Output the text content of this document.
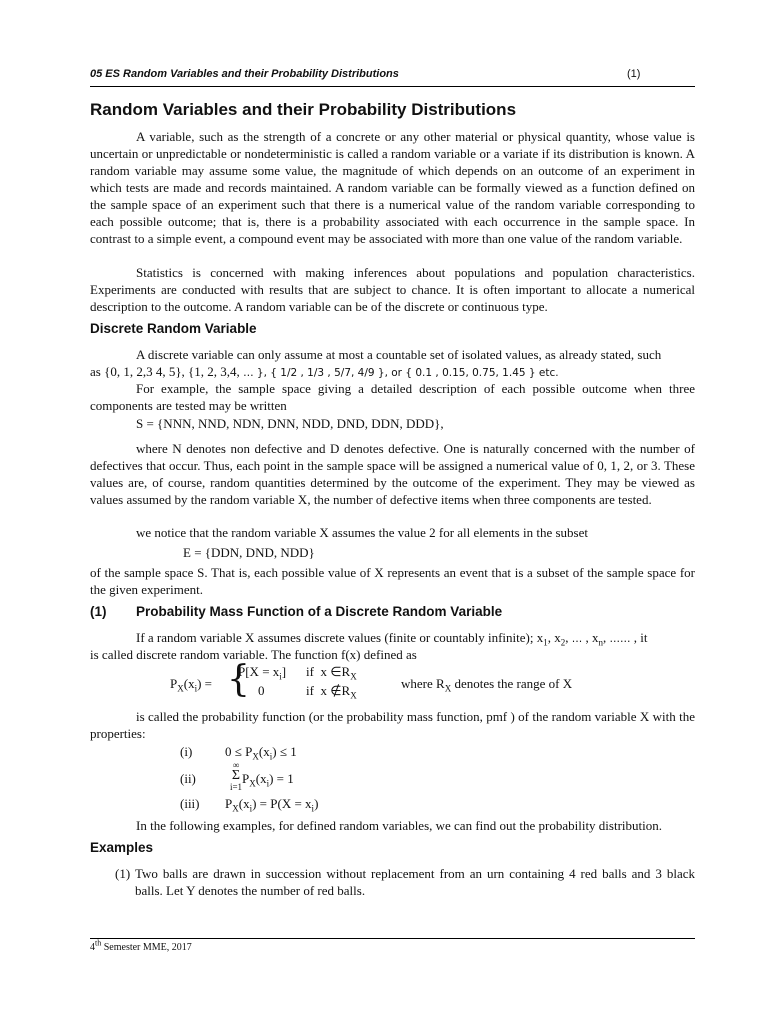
05 ES Random Variables and their Probability Distributions	(1)
Random Variables and their Probability Distributions

A variable, such as the strength of a concrete or any other material or physical quantity, whose value is uncertain or unpredictable or nondeterministic is called a random variable or a variate if its distribution is known. A random variable may assume some value, the magnitude of which depends on an outcome of an experiment in which tests are made and records maintained. A random variable can be formally viewed as a function defined on the sample space of an experiment such that there is a numerical value of the random variable corresponding to each possible outcome; that is, there is a probability associated with each occurrence in the sample space. In contrast to a simple event, a compound event may be associated with more than one value of the random variable.

Statistics is concerned with making inferences about populations and population characteristics. Experiments are conducted with results that are subject to chance. It is often important to allocate a numerical description to the outcome. A random variable can be of the discrete or continuous type.

Discrete Random Variable

A discrete variable can only assume at most a countable set of isolated values, as already stated, such

as {0, 1, 2,3 4, 5}, {1, 2, 3,4, … }, { 1/2 , 1/3 , 5/7, 4/9 }, or { 0.1 , 0.15, 0.75, 1.45 } etc.

For example, the sample space giving a detailed description of each possible outcome when three components are tested may be written

S = {NNN, NND, NDN, DNN, NDD, DND, DDN, DDD},

where N denotes non defective and D denotes defective. One is naturally concerned with the number of defectives that occur. Thus, each point in the sample space will be assigned a numerical value of 0, 1, 2, or 3. These values are, of course, random quantities determined by the outcome of the experiment. They may be viewed as values assumed by the random variable X, the number of defective items when three components are tested.

we notice that the random variable X assumes the value 2 for all elements in the subset

E = {DDN, DND, NDD}

of the sample space S. That is, each possible value of X represents an event that is a subset of the sample space for the given experiment.

(1) Probability Mass Function of a Discrete Random Variable

If a random variable X assumes discrete values (finite or countably infinite); $x_1$, $x_2$, … , $x_n$, …… , it

is called discrete random variable. The function f(x) defined as

$P_X(x_i)$ = {
$P[X = x_i]$ if  x $\in R_X$
0	if  x $\notin R_X$
where $R_X$ denotes the range of X

is called the probability function (or the probability mass function, pmf ) of the random variable X with the properties:

(i)	$0 \le P_X(x_i) \le 1$
∞
Σ
i=1
(ii)	$P_X(x_i) = 1$
(iii) $P_X(x_i) = P(X = x_i)$

In the following examples, for defined random variables, we can find out the probability distribution.

Examples
(1) Two balls are drawn in succession without replacement from an urn containing 4 red balls and 3 black balls. Let Y denotes the number of red balls.
4th Semester MME, 2017
